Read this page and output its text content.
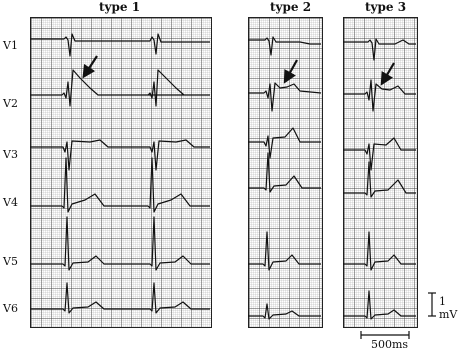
type 1	type 2	type 3
V1
V2
V3
V4
V5
V6
1 mV
500ms
